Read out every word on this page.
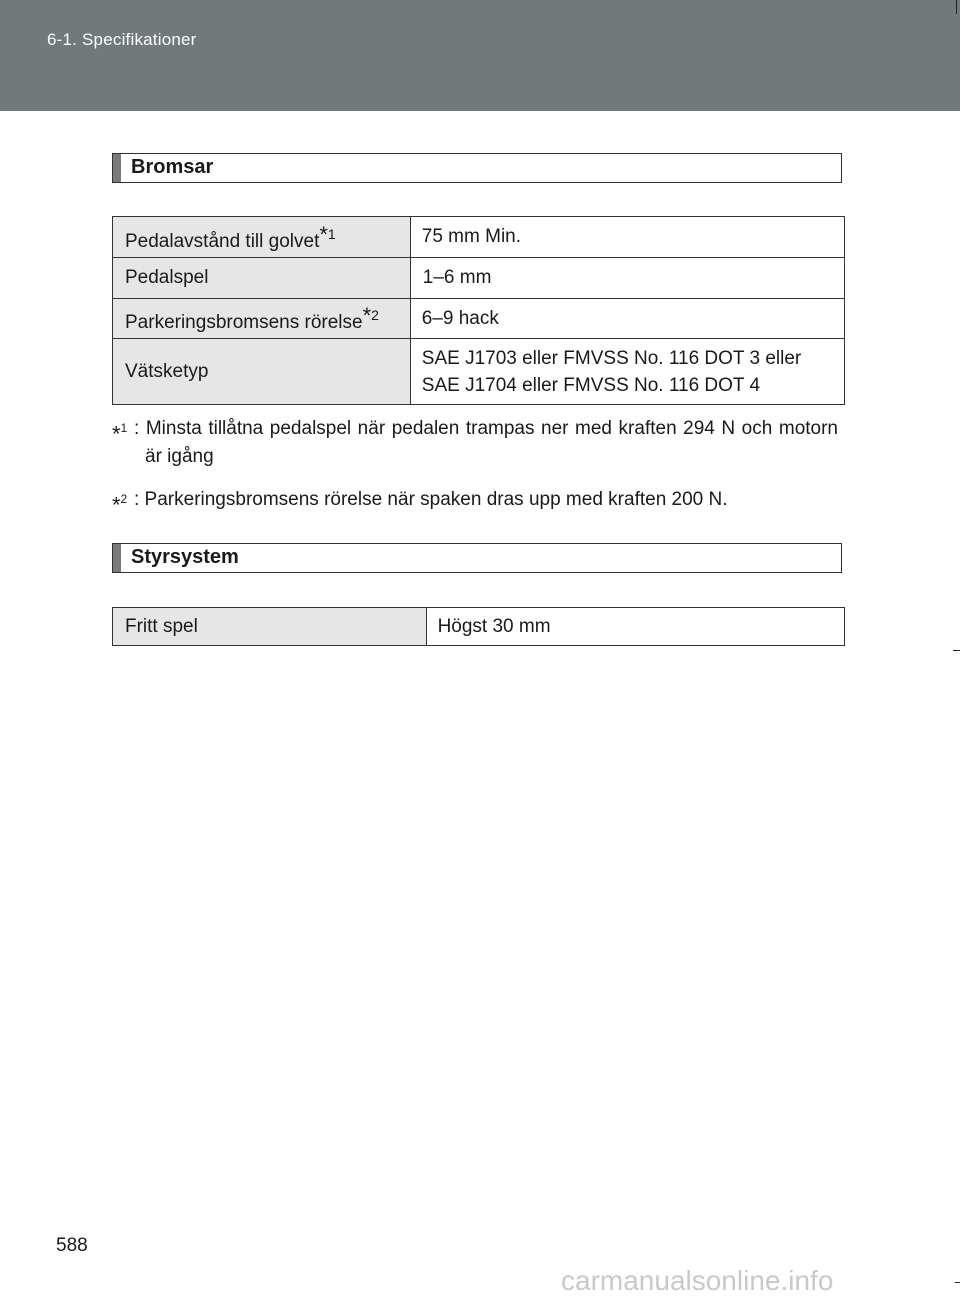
6-1. Specifikationer
Bromsar
Pedalavstånd till golvet$^{*1}$	75 mm Min.
Pedalspel	1–6 mm
Parkeringsbromsens rörelse$^{*2}$	6–9 hack
Vätsketyp	SAE J1703 eller FMVSS No. 116 DOT 3 eller
SAE J1704 eller FMVSS No. 116 DOT 4
*$^1$ : Minsta tillåtna pedalspel när pedalen trampas ner med kraften 294 N och motorn är igång
*$^2$ : Parkeringsbromsens rörelse när spaken dras upp med kraften 200 N.
Styrsystem
Fritt spel	Högst 30 mm
588
carmanualsonline.info
